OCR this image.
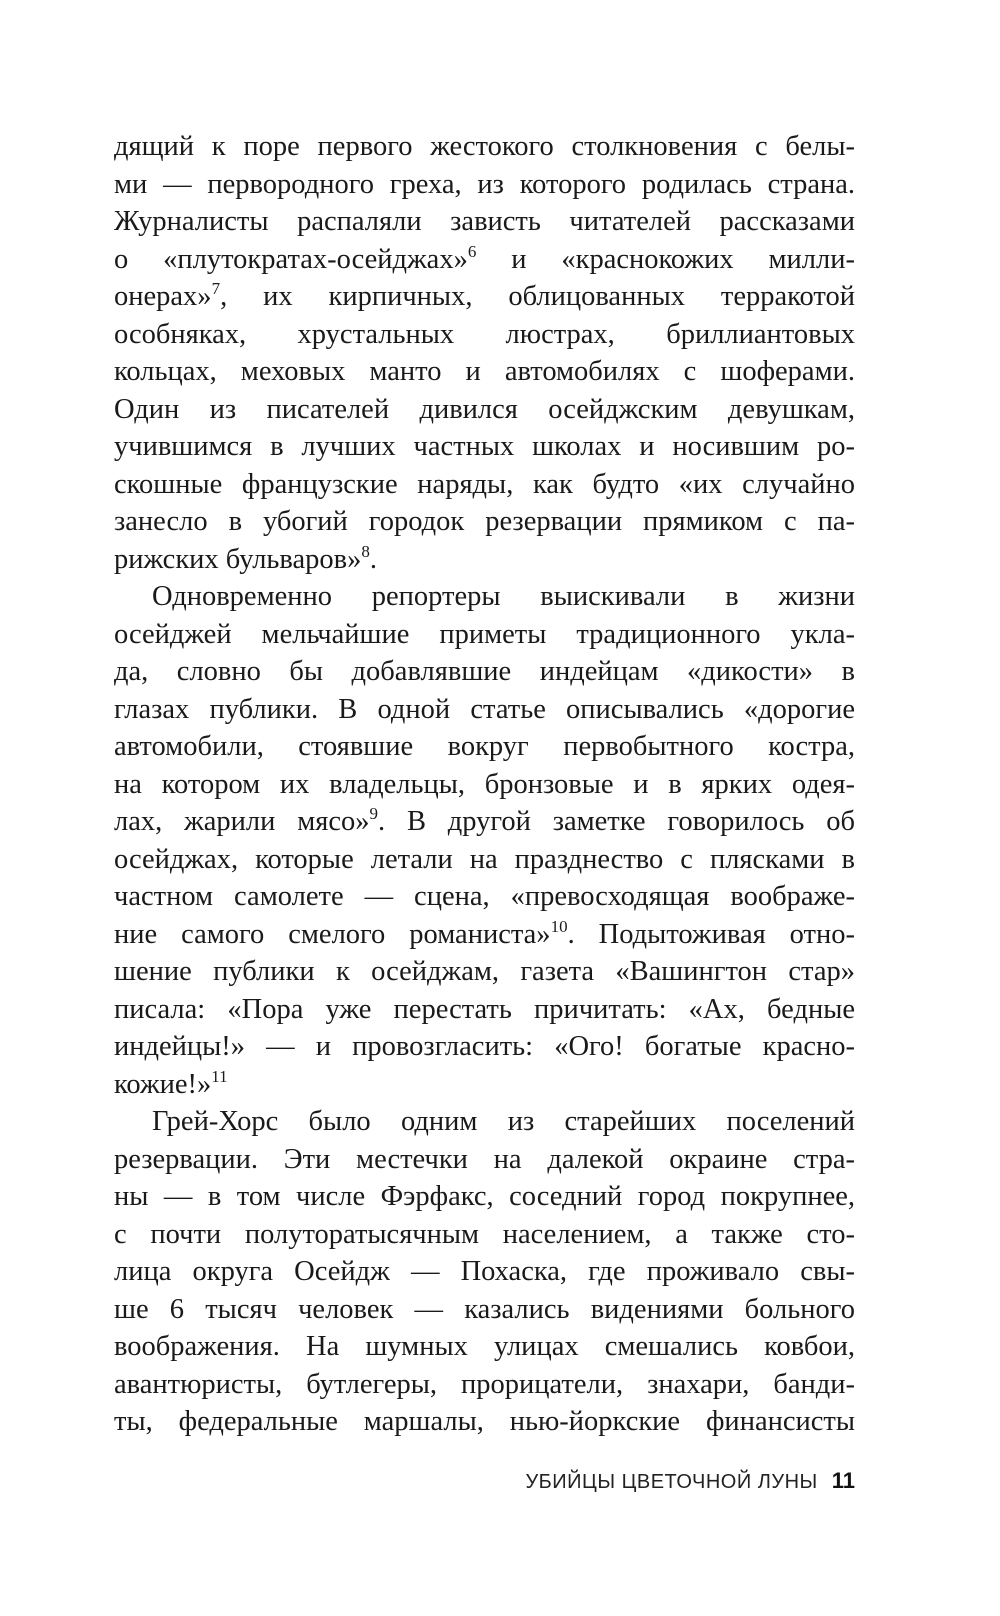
дящий к поре первого жестокого столкновения с белы-
ми — первородного греха, из которого родилась страна.
Журналисты распаляли зависть читателей рассказами
о «плутократах-осейджах»$^6$ и «краснокожих милли-
онерах»$^7$, их кирпичных, облицованных терракотой
особняках, хрустальных люстрах, бриллиантовых
кольцах, меховых манто и автомобилях с шоферами.
Один из писателей дивился осейджским девушкам,
учившимся в лучших частных школах и носившим ро-
скошные французские наряды, как будто «их случайно
занесло в убогий городок резервации прямиком с па-
рижских бульваров»$^8$.
Одновременно репортеры выискивали в жизни
осейджей мельчайшие приметы традиционного укла-
да, словно бы добавлявшие индейцам «дикости» в
глазах публики. В одной статье описывались «дорогие
автомобили, стоявшие вокруг первобытного костра,
на котором их владельцы, бронзовые и в ярких одея-
лах, жарили мясо»$^9$. В другой заметке говорилось об
осейджах, которые летали на празднество с плясками в
частном самолете — сцена, «превосходящая воображе-
ние самого смелого романиста»$^{10}$. Подытоживая отно-
шение публики к осейджам, газета «Вашингтон стар»
писала: «Пора уже перестать причитать: «Ах, бедные
индейцы!» — и провозгласить: «Ого! богатые красно-
кожие!»$^{11}$
Грей-Хорс было одним из старейших поселений
резервации. Эти местечки на далекой окраине стра-
ны — в том числе Фэрфакс, соседний город покрупнее,
с почти полуторатысячным населением, а также сто-
лица округа Осейдж — Похаска, где проживало свы-
ше 6 тысяч человек — казались видениями больного
воображения. На шумных улицах смешались ковбои,
авантюристы, бутлегеры, прорицатели, знахари, банди-
ты, федеральные маршалы, нью-йоркские финансисты
УБИЙЦЫ ЦВЕТОЧНОЙ ЛУНЫ 11
